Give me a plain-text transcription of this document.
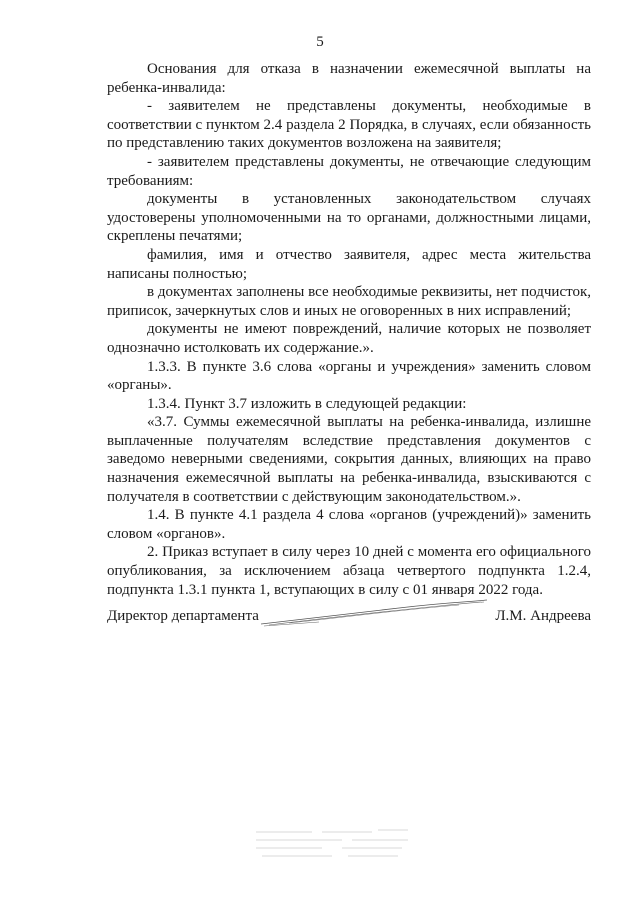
5

Основания для отказа в назначении ежемесячной выплаты на ребенка-инвалида:

- заявителем не представлены документы, необходимые в соответствии с пунктом 2.4 раздела 2 Порядка, в случаях, если обязанность по представлению таких документов возложена на заявителя;

- заявителем представлены документы, не отвечающие следующим требованиям:

документы в установленных законодательством случаях удостоверены уполномоченными на то органами, должностными лицами, скреплены печатями;

фамилия, имя и отчество заявителя, адрес места жительства написаны полностью;

в документах заполнены все необходимые реквизиты, нет подчисток, приписок, зачеркнутых слов и иных не оговоренных в них исправлений;

документы не имеют повреждений, наличие которых не позволяет однозначно истолковать их содержание.».

1.3.3. В пункте 3.6 слова «органы и учреждения» заменить словом «органы».

1.3.4. Пункт 3.7 изложить в следующей редакции:

«3.7. Суммы ежемесячной выплаты на ребенка-инвалида, излишне выплаченные получателям вследствие представления документов с заведомо неверными сведениями, сокрытия данных, влияющих на право назначения ежемесячной выплаты на ребенка-инвалида, взыскиваются с получателя в соответствии с действующим законодательством.».

1.4. В пункте 4.1 раздела 4 слова «органов (учреждений)» заменить словом «органов».

2. Приказ вступает в силу через 10 дней с момента его официального опубликования, за исключением абзаца четвертого подпункта 1.2.4, подпункта 1.3.1 пункта 1, вступающих в силу с 01 января 2022 года.

Директор департамента	Л.М. Андреева
